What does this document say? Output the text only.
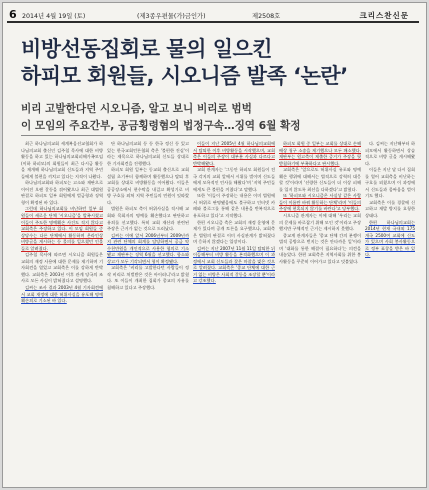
6 2014년 4월 19일 (토)	(제3종우편물(가)금인가)	제2508호	크리스찬신문
비방선동집회로 물의 일으킨
하피모 회원들, 시오니즘 발족 ‘논란’
비리 고발한다던 시오니즘, 알고 보니 비리로 범벅
이 모임의 주요간부, 공금횡령혐의 법정구속…징역 6월 확정

최근 하나님의교회 세계복음선교협회가 하나님의교회 출신인 김주철 목사에 대한 비방활동을 하고 있는 하나님의교회피해가족모임(이하 하피모)의 회원들이 최근 다시금 활동을 재개해 하나님의교회 신도들과 지역 주민들에게 불편을 끼치고 있다는 지적이 나왔다.

하나님의교회와 하피모는 고소와 재판으로 이어진 오랜 갈등을 겪어왔으나 최근 대법원 판결로 하피모 일부 회원에게 벌금형과 징역형이 확정된 바 있다.

그런데 하나님의교회를 비난하던 일부 회원들이 새로운 단체 '시오니즘'을 발족시켰고 이들이 주도한 명예훼손 사건도 적지 않다고 교회측은 주장하고 있다. 이 모임 회원들 중 상당수는 다른 단체에서 활동하며 온라인상 비방글을 게시하는 등 물의를 일으켰던 인물들로 알려졌다.

김주철 목사에 따르면 시오니즘 회원들은 교회의 재정 사용에 대한 문제를 제기하며 기자회견을 열었고 교회측은 이를 강하게 반박했다. 교회측은 2003년 이후 관계 당국의 조사로 모든 사실이 밝혀졌다고 설명했다.

김씨는 조사 결과 2003년 4월 기자회견에서 교회 재정에 대한 허위사실을 유포해 명예훼손죄로 기소된 바 있다.

단 하나님의교회 등 등 한국 정신 등 있고 있는 한국교회언론협회 측은 '불편한 진실'이라는 제목으로 하나님의교회 신도들 상대로 한 기자회견을 진행했다.

하피모 회원 일부는 동교회 출신으로 교회 설립 초기부터 함께하며 활동했으나 탈퇴 후 교회를 상대로 비방활동을 이어왔다. 이들은 공공장소에서 현수막을 내걸고 확성기로 비방 구호를 외쳐 지역 주민들의 민원이 잇따랐다.

법원은 하피모 측이 허위사실을 적시해 교회와 목회자의 명예를 훼손했다고 판단하고 유죄를 선고했다. 특히 교회 재산과 관련된 주장은 근거가 없는 것으로 드러났다.

김씨는 이에 앞서 2006년부터 2009년까지 관련 단체의 회계를 담당하면서 공금 약 수천만원을 개인적으로 사용한 혐의로 기소됐고 재판부는 징역 6월을 선고했다. 항소와 상고가 모두 기각되면서 형이 확정됐다.

교회측은 '비리를 고발한다던 사람들이 정작 비리로 처벌받은 것은 아이러니'라고 밝혔다. 또 이들이 개최한 집회가 종교의 자유를 침해하고 있다고 주장했다.

이들이 지난 2005년 4월 하나님의교회에서 탈퇴한 이후 비방활동을 시작했으며, 교회측은 이들의 주장이 대부분 사실과 다르다고 반박해왔다.

교회 관계자는 '그동안 하피모 회원들이 전국 각지의 교회 앞에서 시위를 벌이며 신도들에게 모욕적인 언사를 해왔다'며 '지역 주민들에게도 큰 불편을 끼쳤다'고 말했다.

또한 '이들이 주장하는 내용은 이미 법원에서 허위로 판명됐음에도 불구하고 인터넷 카페와 블로그를 통해 같은 내용을 반복적으로 유포하고 있다'고 지적했다.

한편 시오니즘 측은 교회의 재정 운영에 문제가 있다며 공개 토론을 요구했으나, 교회측은 법원의 판결로 이미 사실관계가 밝혀졌다며 응하지 않겠다는 입장이다.

김씨는 지난 2007년 11월 11일 탈퇴한 뒤 이듬해부터 비방 활동을 본격화했으며 이 과정에서 교회 신도들과 잦은 마찰을 빚은 것으로 알려졌다. 교회측은 '종교 단체에 대한 근거 없는 비방은 사회적 갈등을 조장할 뿐'이라고 강조했다.

하피모 회원 중 일부는 교회를 상대로 손해배상 청구 소송을 제기했으나 모두 패소했다. 재판부는 원고측이 제출한 증거가 주장을 뒷받침하기에 부족하다고 판시했다.

교회측은 '앞으로도 허위사실 유포와 명예훼손 행위에 대해서는 법적으로 강력히 대응할 것'이라며 '선량한 신도들이 더 이상 피해를 입지 않도록 최선을 다하겠다'고 밝혔다.

또 '하피모와 시오니즘은 사실상 같은 사람들이 이름만 바꿔 활동하는 단체'라며 '이들의 주장에 현혹되지 않기를 바란다'고 당부했다.

시오니즘 관계자는 이에 대해 '우리는 교회의 문제를 바로잡기 위해 모인 것'이라고 주장했지만 구체적인 근거는 제시하지 못했다.

종교계 관계자들은 '종교 단체 간의 분쟁이 법적 공방으로 번지는 것은 안타까운 일'이라며 '대화를 통한 해결이 필요하다'는 의견을 내놓았다. 한편 교회측은 지역사회를 위한 봉사활동을 꾸준히 이어가고 있다고 덧붙였다.

다. 김씨는 지난해부터 하피모에서 활동하면서 상습적으로 비방 글을 게시해왔다.

이들은 지난 달 다시 집회를 열어 교회측을 비난하는 구호를 외쳤으며 이 과정에서 신도들과 몸싸움을 벌이기도 했다.

교회측은 이를 경찰에 신고하고 재발 방지를 요청한 상태다.

한편 하나님의교회는 2014년 현재 국내외 175개국 2500여 교회에 신도가 있으며 사회 봉사활동으로 정부 표창을 받은 바 있다.
